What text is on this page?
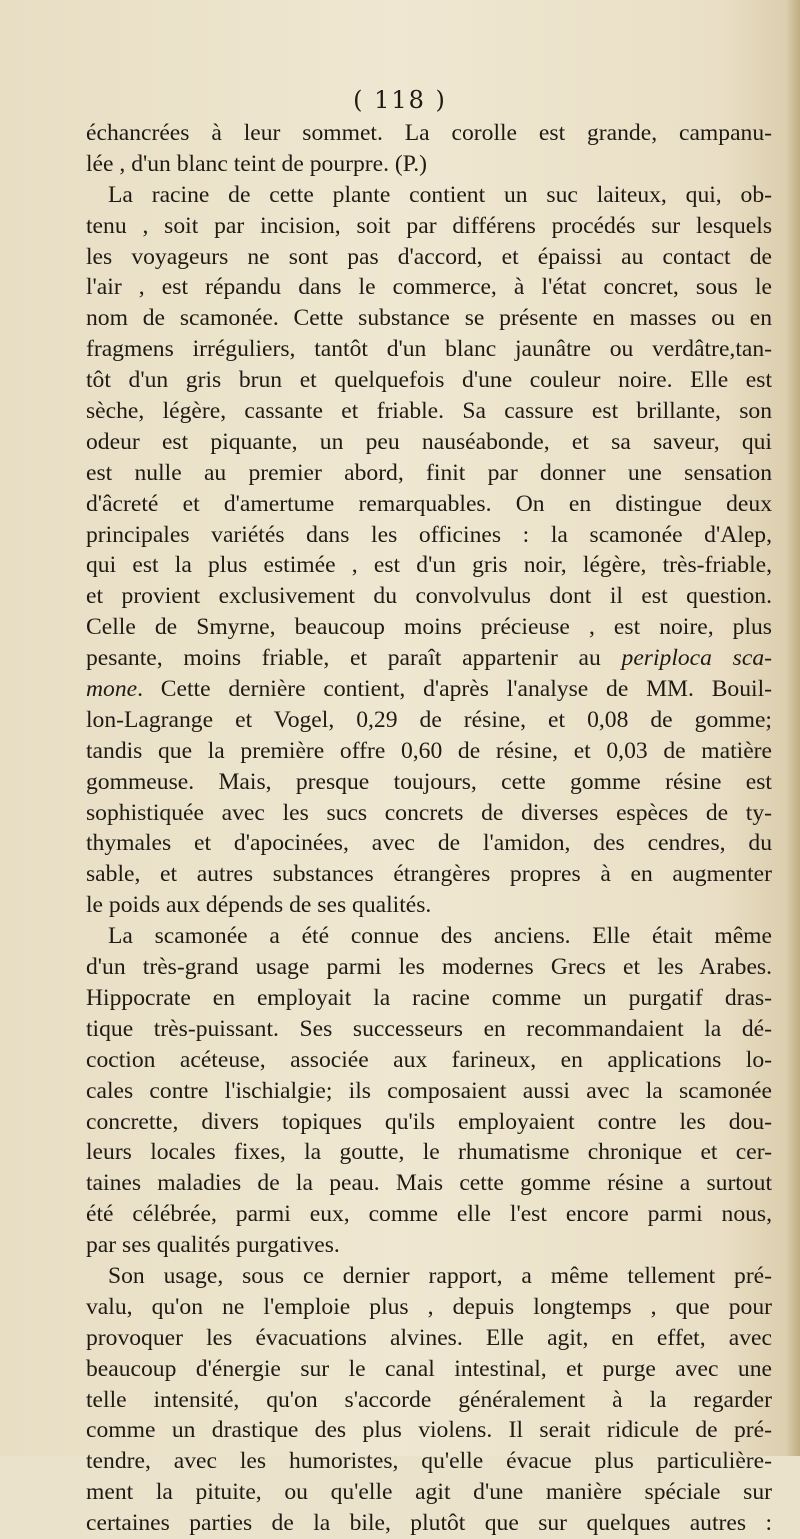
( 118 )
échancrées à leur sommet. La corolle est grande, campanu-
lée , d'un blanc teint de pourpre. (P.)
La racine de cette plante contient un suc laiteux, qui, ob-
tenu , soit par incision, soit par différens procédés sur lesquels
les voyageurs ne sont pas d'accord, et épaissi au contact de
l'air , est répandu dans le commerce, à l'état concret, sous le
nom de scamonée. Cette substance se présente en masses ou en
fragmens irréguliers, tantôt d'un blanc jaunâtre ou verdâtre,tan-
tôt d'un gris brun et quelquefois d'une couleur noire. Elle est
sèche, légère, cassante et friable. Sa cassure est brillante, son
odeur est piquante, un peu nauséabonde, et sa saveur, qui
est nulle au premier abord, finit par donner une sensation
d'âcreté et d'amertume remarquables. On en distingue deux
principales variétés dans les officines : la scamonée d'Alep,
qui est la plus estimée , est d'un gris noir, légère, très-friable,
et provient exclusivement du convolvulus dont il est question.
Celle de Smyrne, beaucoup moins précieuse , est noire, plus
pesante, moins friable, et paraît appartenir au periploca sca-
mone. Cette dernière contient, d'après l'analyse de MM. Bouil-
lon-Lagrange et Vogel, 0,29 de résine, et 0,08 de gomme;
tandis que la première offre 0,60 de résine, et 0,03 de matière
gommeuse. Mais, presque toujours, cette gomme résine est
sophistiquée avec les sucs concrets de diverses espèces de ty-
thymales et d'apocinées, avec de l'amidon, des cendres, du
sable, et autres substances étrangères propres à en augmenter
le poids aux dépends de ses qualités.
La scamonée a été connue des anciens. Elle était même
d'un très-grand usage parmi les modernes Grecs et les Arabes.
Hippocrate en employait la racine comme un purgatif dras-
tique très-puissant. Ses successeurs en recommandaient la dé-
coction acéteuse, associée aux farineux, en applications lo-
cales contre l'ischialgie; ils composaient aussi avec la scamonée
concrette, divers topiques qu'ils employaient contre les dou-
leurs locales fixes, la goutte, le rhumatisme chronique et cer-
taines maladies de la peau. Mais cette gomme résine a surtout
été célébrée, parmi eux, comme elle l'est encore parmi nous,
par ses qualités purgatives.
Son usage, sous ce dernier rapport, a même tellement pré-
valu, qu'on ne l'emploie plus , depuis longtemps , que pour
provoquer les évacuations alvines. Elle agit, en effet, avec
beaucoup d'énergie sur le canal intestinal, et purge avec une
telle intensité, qu'on s'accorde généralement à la regarder
comme un drastique des plus violens. Il serait ridicule de pré-
tendre, avec les humoristes, qu'elle évacue plus particulière-
ment la pituite, ou qu'elle agit d'une manière spéciale sur
certaines parties de la bile, plutôt que sur quelques autres :
